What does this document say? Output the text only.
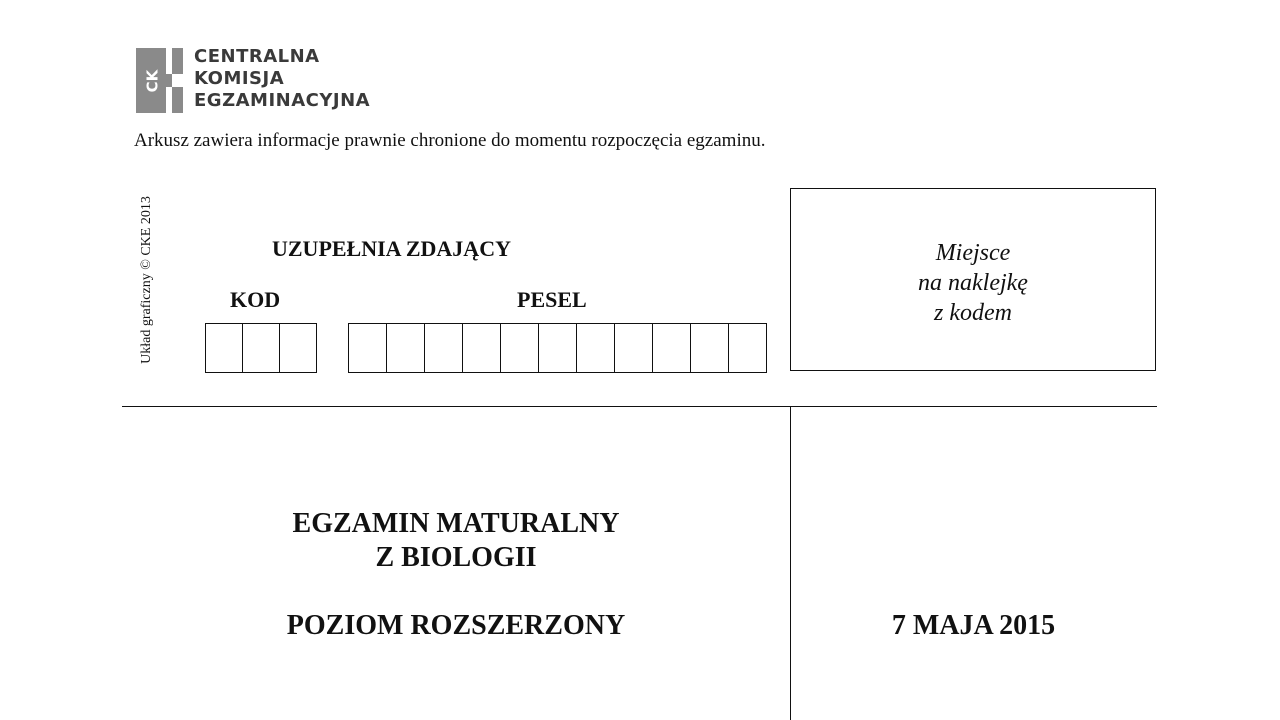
CK
CENTRALNA
KOMISJA
EGZAMINACYJNA
Arkusz zawiera informacje prawnie chronione do momentu rozpoczęcia egzaminu.
Układ graficzny © CKE 2013	UZUPEŁNIA ZDAJĄCY
KOD	PESEL
Miejsce
na naklejkę
z kodem
EGZAMIN MATURALNY
Z BIOLOGII
POZIOM ROZSZERZONY	7 MAJA 2015
